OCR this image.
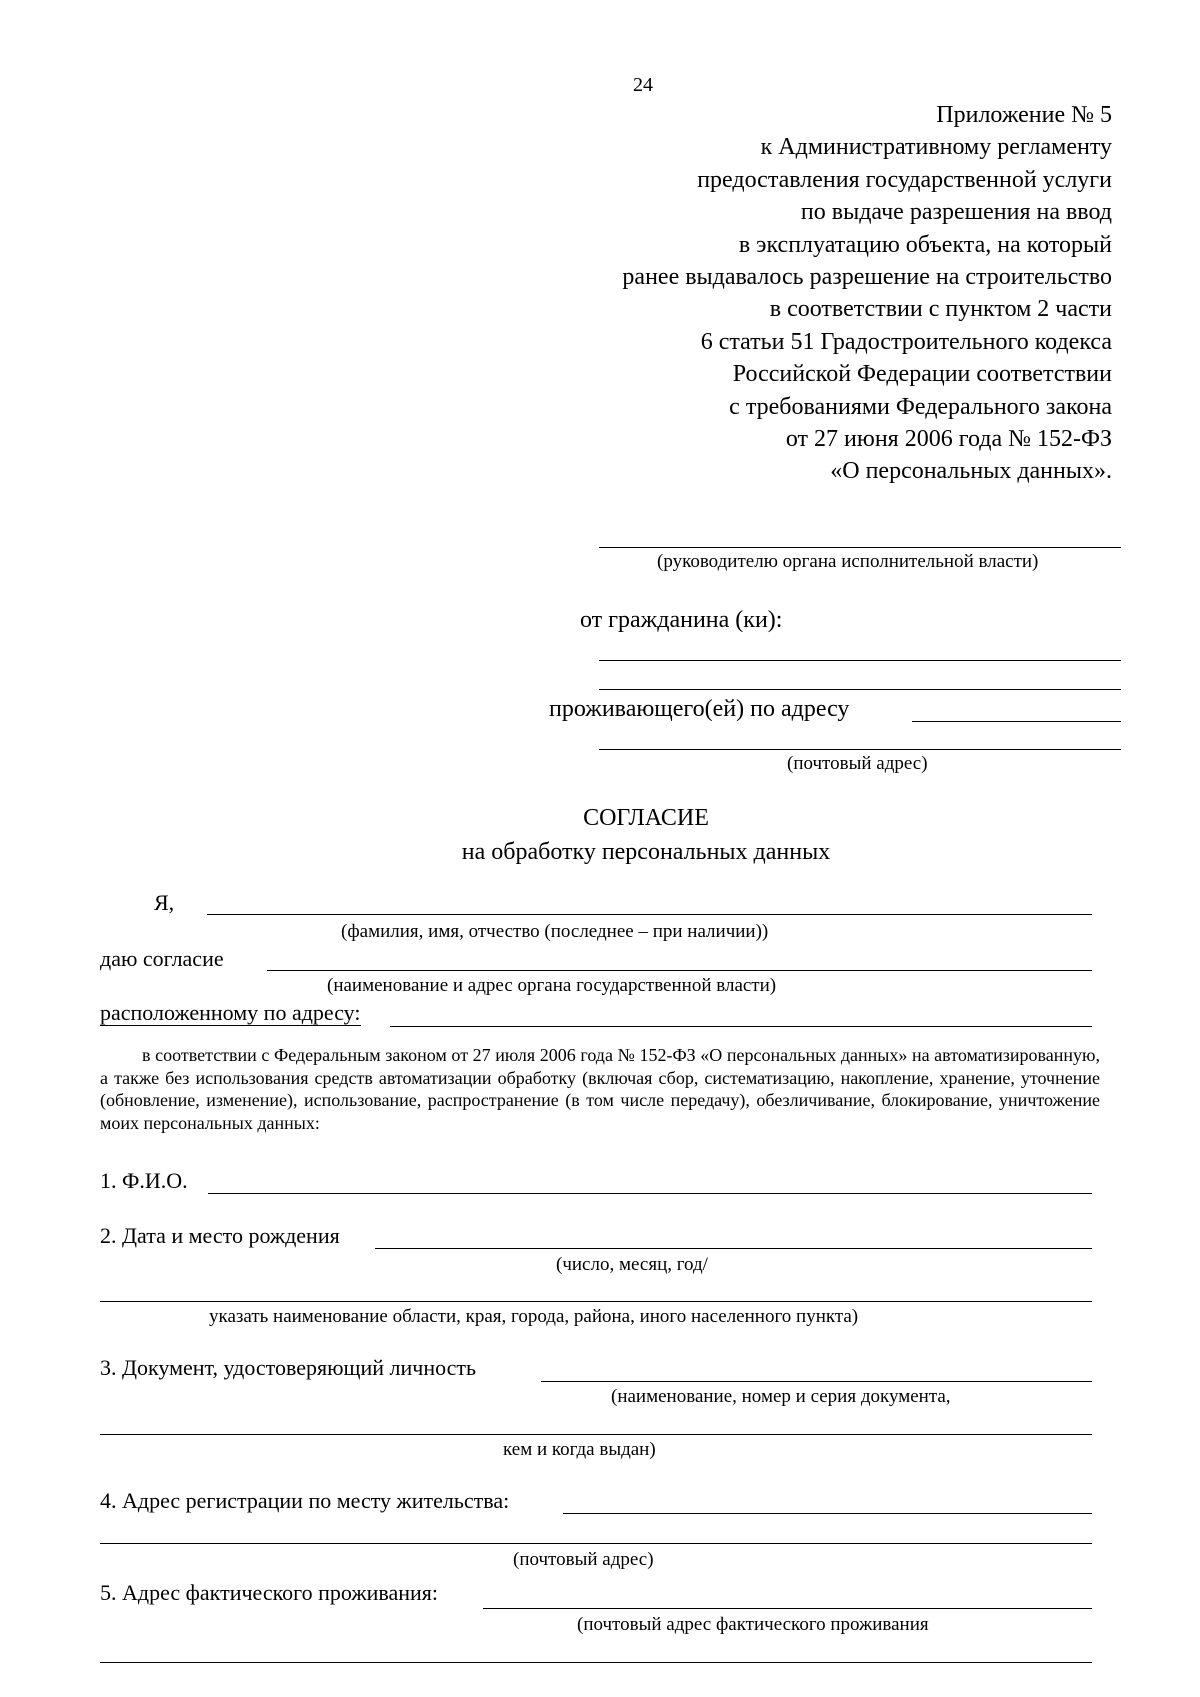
24
Приложение № 5
к Административному регламенту
предоставления государственной услуги
по выдаче разрешения на ввод
в эксплуатацию объекта, на который
ранее выдавалось разрешение на строительство
в соответствии с пунктом 2 части
6 статьи 51 Градостроительного кодекса
Российской Федерации соответствии
с требованиями Федерального закона
от 27 июня 2006 года № 152-ФЗ
«О персональных данных».
(руководителю органа исполнительной власти)
от гражданина (ки):
проживающего(ей) по адресу
(почтовый адрес)
СОГЛАСИЕ
на обработку персональных данных
Я,
(фамилия, имя, отчество (последнее – при наличии))
даю согласие
(наименование и адрес органа государственной власти)
расположенному по адресу:
в соответствии с Федеральным законом от 27 июля 2006 года № 152-ФЗ «О персональных данных» на автоматизированную, а также без использования средств автоматизации обработку (включая сбор, систематизацию, накопление, хранение, уточнение (обновление, изменение), использование, распространение (в том числе передачу), обезличивание, блокирование, уничтожение моих персональных данных:
1. Ф.И.О.
2. Дата и место рождения
(число, месяц, год/
указать наименование области, края, города, района, иного населенного пункта)
3. Документ, удостоверяющий личность
(наименование, номер и серия документа,
кем и когда выдан)
4. Адрес регистрации по месту жительства:
(почтовый адрес)
5. Адрес фактического проживания:
(почтовый адрес фактического проживания
